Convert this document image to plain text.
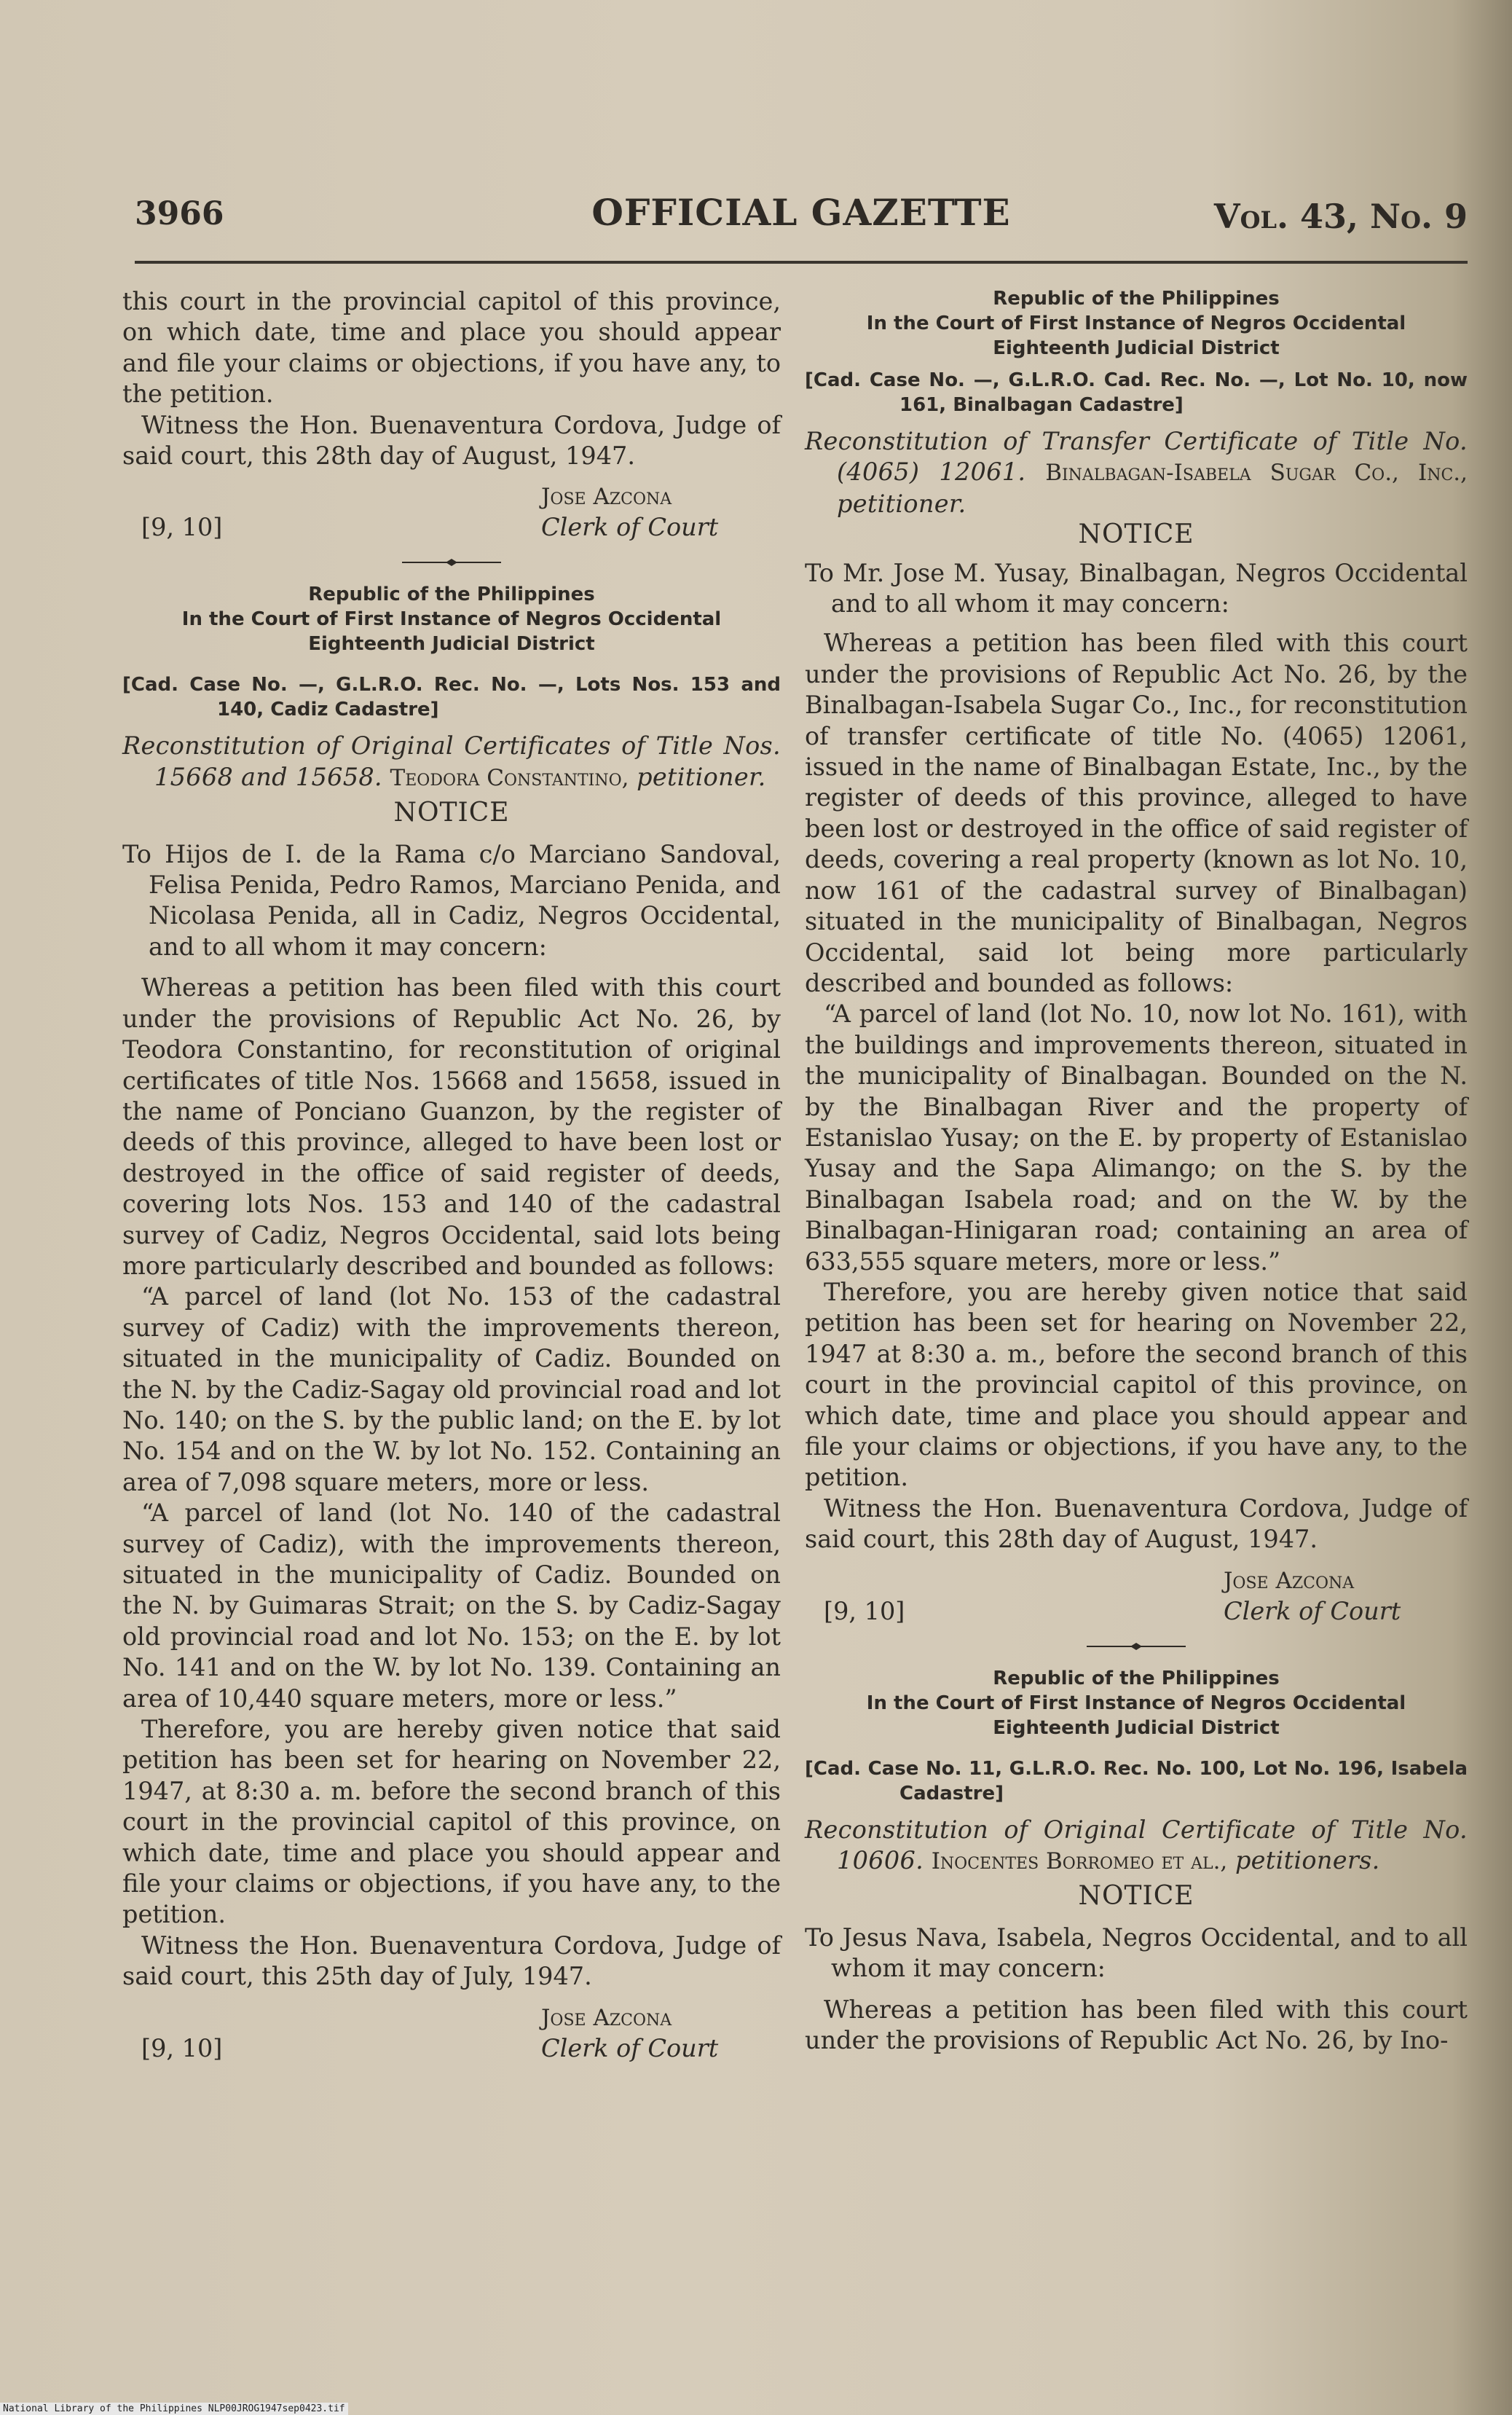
3966	OFFICIAL GAZETTE	Vol. 43, No. 9

this court in the provincial capitol of this province, on which date, time and place you should appear and file your claims or objections, if you have any, to the petition.

Witness the Hon. Buenaventura Cordova, Judge of said court, this 28th day of August, 1947.

Jose Azcona
[9, 10]	Clerk of Court
Republic of the Philippines
In the Court of First Instance of Negros Occidental
Eighteenth Judicial District

[Cad. Case No. —, G.L.R.O. Rec. No. —, Lots Nos. 153 and 140, Cadiz Cadastre]

Reconstitution of Original Certificates of Title Nos. 15668 and 15658. Teodora Constantino, petitioner.

NOTICE

To Hijos de I. de la Rama c/o Marciano Sandoval, Felisa Penida, Pedro Ramos, Marciano Penida, and Nicolasa Penida, all in Cadiz, Negros Occidental, and to all whom it may concern:

Whereas a petition has been filed with this court under the provisions of Republic Act No. 26, by Teodora Constantino, for reconstitution of original certificates of title Nos. 15668 and 15658, issued in the name of Ponciano Guanzon, by the register of deeds of this province, alleged to have been lost or destroyed in the office of said register of deeds, covering lots Nos. 153 and 140 of the cadastral survey of Cadiz, Negros Occidental, said lots being more particularly described and bounded as follows:

“A parcel of land (lot No. 153 of the cadastral survey of Cadiz) with the improvements thereon, situated in the municipality of Cadiz. Bounded on the N. by the Cadiz-Sagay old provincial road and lot No. 140; on the S. by the public land; on the E. by lot No. 154 and on the W. by lot No. 152. Containing an area of 7,098 square meters, more or less.

“A parcel of land (lot No. 140 of the cadastral survey of Cadiz), with the improvements thereon, situated in the municipality of Cadiz. Bounded on the N. by Guimaras Strait; on the S. by Cadiz-Sagay old provincial road and lot No. 153; on the E. by lot No. 141 and on the W. by lot No. 139. Containing an area of 10,440 square meters, more or less.”

Therefore, you are hereby given notice that said petition has been set for hearing on November 22, 1947, at 8:30 a. m. before the second branch of this court in the provincial capitol of this province, on which date, time and place you should appear and file your claims or objections, if you have any, to the petition.

Witness the Hon. Buenaventura Cordova, Judge of said court, this 25th day of July, 1947.

Jose Azcona
[9, 10]	Clerk of Court
Republic of the Philippines
In the Court of First Instance of Negros Occidental
Eighteenth Judicial District

[Cad. Case No. —, G.L.R.O. Cad. Rec. No. —, Lot No. 10, now 161, Binalbagan Cadastre]

Reconstitution of Transfer Certificate of Title No. (4065) 12061. Binalbagan-Isabela Sugar Co., Inc., petitioner.

NOTICE

To Mr. Jose M. Yusay, Binalbagan, Negros Occidental and to all whom it may concern:

Whereas a petition has been filed with this court under the provisions of Republic Act No. 26, by the Binalbagan-Isabela Sugar Co., Inc., for reconstitution of transfer certificate of title No. (4065) 12061, issued in the name of Binalbagan Estate, Inc., by the register of deeds of this province, alleged to have been lost or destroyed in the office of said register of deeds, covering a real property (known as lot No. 10, now 161 of the cadastral survey of Binalbagan) situated in the municipality of Binalbagan, Negros Occidental, said lot being more particularly described and bounded as follows:

“A parcel of land (lot No. 10, now lot No. 161), with the buildings and improvements thereon, situated in the municipality of Binalbagan. Bounded on the N. by the Binalbagan River and the property of Estanislao Yusay; on the E. by property of Estanislao Yusay and the Sapa Alimango; on the S. by the Binalbagan Isabela road; and on the W. by the Binalbagan-Hinigaran road; containing an area of 633,555 square meters, more or less.”

Therefore, you are hereby given notice that said petition has been set for hearing on November 22, 1947 at 8:30 a. m., before the second branch of this court in the provincial capitol of this province, on which date, time and place you should appear and file your claims or objections, if you have any, to the petition.

Witness the Hon. Buenaventura Cordova, Judge of said court, this 28th day of August, 1947.

Jose Azcona
[9, 10]	Clerk of Court
Republic of the Philippines
In the Court of First Instance of Negros Occidental
Eighteenth Judicial District

[Cad. Case No. 11, G.L.R.O. Rec. No. 100, Lot No. 196, Isabela Cadastre]

Reconstitution of Original Certificate of Title No. 10606. Inocentes Borromeo et al., petitioners.

NOTICE

To Jesus Nava, Isabela, Negros Occidental, and to all whom it may concern:

Whereas a petition has been filed with this court under the provisions of Republic Act No. 26, by Ino-

National Library of the Philippines NLP00JROG1947sep0423.tif
